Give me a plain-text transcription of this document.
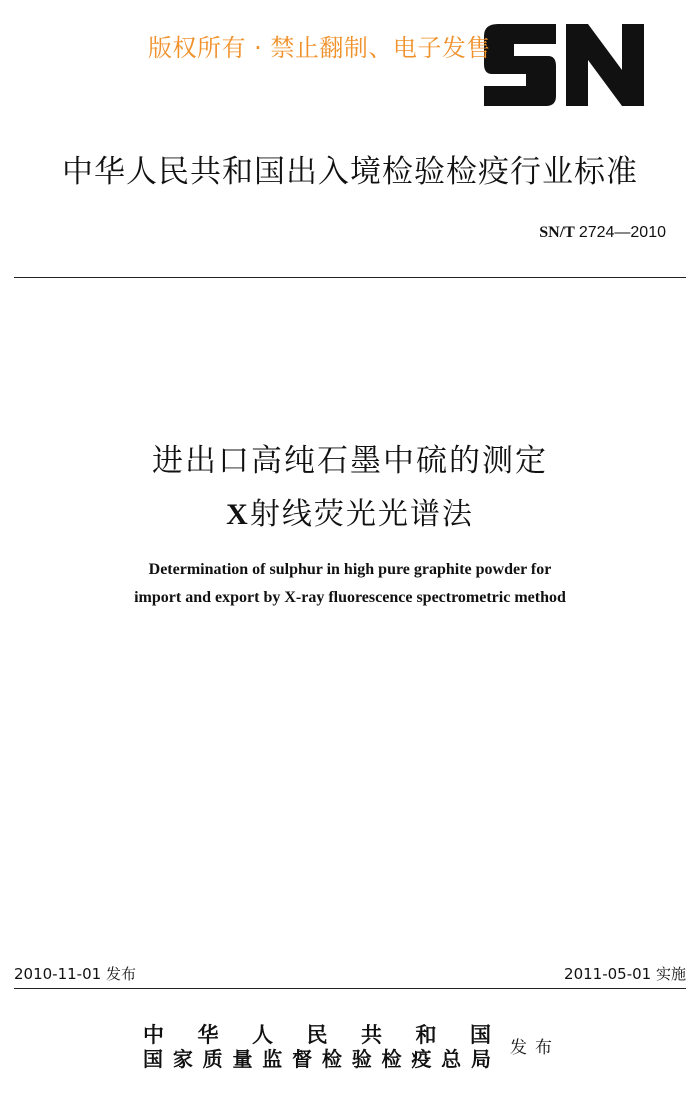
版权所有 · 禁止翻制、电子发售
中华人民共和国出入境检验检疫行业标准
SN/T 2724—2010
进出口高纯石墨中硫的测定
X射线荧光光谱法
Determination of sulphur in high pure graphite powder for
import and export by X-ray fluorescence spectrometric method
2010-11-01 发布	2011-05-01 实施
中 华 人 民 共 和 国
国 家 质 量 监 督 检 验 检 疫 总 局 发布
